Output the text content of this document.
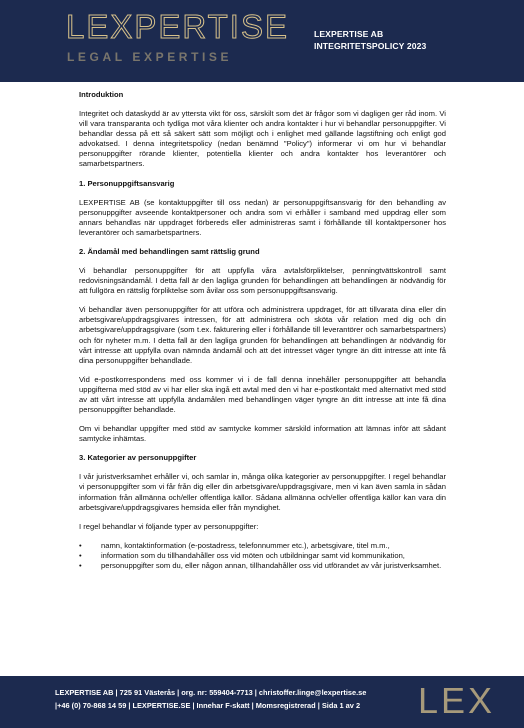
LEXPERTISE
LEGAL EXPERTISE
LEXPERTISE AB
INTEGRITETSPOLICY 2023
Introduktion

Integritet och dataskydd är av yttersta vikt för oss, särskilt som det är frågor som vi dagligen ger råd inom. Vi vill vara transparanta och tydliga mot våra klienter och andra kontakter i hur vi behandlar personuppgifter. Vi behandlar dessa på ett så säkert sätt som möjligt och i enlighet med gällande lagstiftning och enligt god advokatsed. I denna integritetspolicy (nedan benämnd "Policy") informerar vi om hur vi behandlar personuppgifter rörande klienter, potentiella klienter och andra kontakter hos leverantörer och samarbetspartners.

1. Personuppgiftsansvarig

LEXPERTISE AB (se kontaktuppgifter till oss nedan) är personuppgiftsansvarig för den behandling av personuppgifter avseende kontaktpersoner och andra som vi erhåller i samband med uppdrag eller som annars behandlas när uppdraget förbereds eller administreras samt i förhållande till kontaktpersoner hos leverantörer och samarbetspartners.

2. Ändamål med behandlingen samt rättslig grund

Vi behandlar personuppgifter för att uppfylla våra avtalsförpliktelser, penningtvättskontroll samt redovisningsändamål. I detta fall är den lagliga grunden för behandlingen att behandlingen är nödvändig för att fullgöra en rättslig förpliktelse som åvilar oss som personuppgiftsansvarig.

Vi behandlar även personuppgifter för att utföra och administrera uppdraget, för att tillvarata dina eller din arbetsgivare/uppdragsgivares intressen, för att administrera och sköta vår relation med dig och din arbetsgivare/uppdragsgivare (som t.ex. fakturering eller i förhållande till leverantörer och samarbetspartners) och för nyheter m.m. I detta fall är den lagliga grunden för behandlingen att behandlingen är nödvändig för vårt intresse att uppfylla ovan nämnda ändamål och att det intresset väger tyngre än ditt intresse att inte få dina personuppgifter behandlade.

Vid e-postkorrespondens med oss kommer vi i de fall denna innehåller personuppgifter att behandla uppgifterna med stöd av vi har eller ska ingå ett avtal med den vi har e-postkontakt med alternativt med stöd av att vårt intresse att uppfylla ändamålen med behandlingen väger tyngre än ditt intresse att inte få dina personuppgifter behandlade.

Om vi behandlar uppgifter med stöd av samtycke kommer särskild information att lämnas inför att sådant samtycke inhämtas.

3. Kategorier av personuppgifter

I vår juristverksamhet erhåller vi, och samlar in, många olika kategorier av personuppgifter. I regel behandlar vi personuppgifter som vi får från dig eller din arbetsgivare/uppdragsgivare, men vi kan även samla in sådan information från allmänna och/eller offentliga källor. Sådana allmänna och/eller offentliga källor kan vara din arbetsgivare/uppdragsgivares hemsida eller från myndighet.

I regel behandlar vi följande typer av personuppgifter:

• namn, kontaktinformation (e-postadress, telefonnummer etc.), arbetsgivare, titel m.m.,
• information som du tillhandahåller oss vid möten och utbildningar samt vid kommunikation,
• personuppgifter som du, eller någon annan, tillhandahåller oss vid utförandet av vår juristverksamhet.
LEXPERTISE AB | 725 91 Västerås | org. nr: 559404-7713 | christoffer.linge@lexpertise.se
|+46 (0) 70-868 14 59 | LEXPERTISE.SE | Innehar F-skatt | Momsregistrerad | Sida 1 av 2 LEX
